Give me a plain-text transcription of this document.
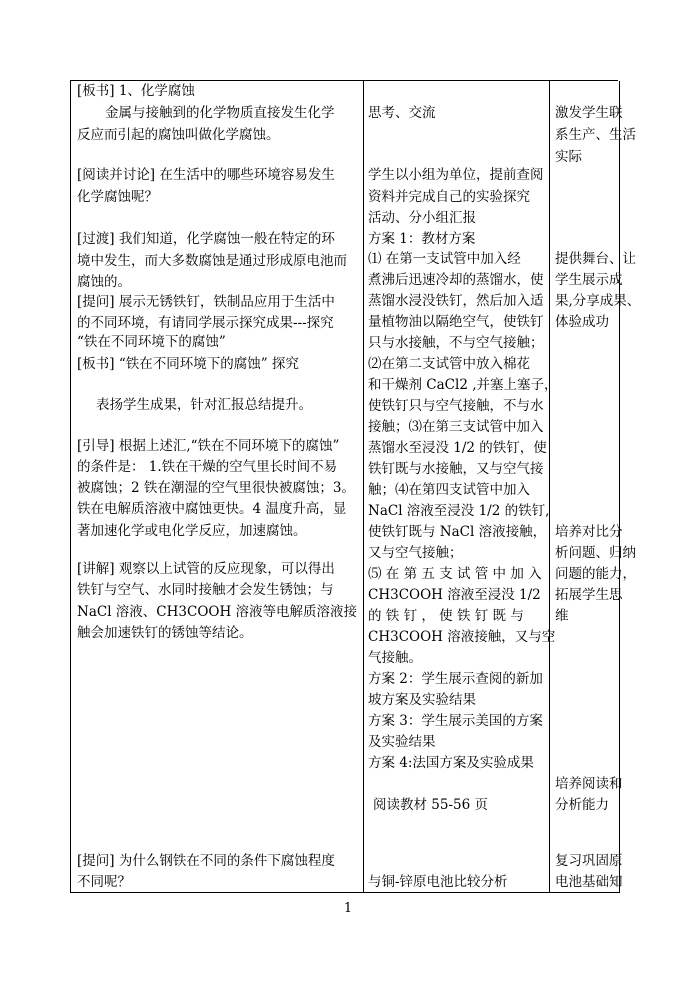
[板书] 1、化学腐蚀
金属与接触到的化学物质直接发生化学
反应而引起的腐蚀叫做化学腐蚀。
[阅读并讨论] 在生活中的哪些环境容易发生
化学腐蚀呢？
[过渡] 我们知道，化学腐蚀一般在特定的环
境中发生，而大多数腐蚀是通过形成原电池而
腐蚀的。
[提问] 展示无锈铁钉，铁制品应用于生活中
的不同环境，有请同学展示探究成果---探究
“铁在不同环境下的腐蚀”
[板书] “铁在不同环境下的腐蚀” 探究
表扬学生成果，针对汇报总结提升。
[引导] 根据上述汇,“铁在不同环境下的腐蚀”
的条件是： 1.铁在干燥的空气里长时间不易
被腐蚀；2 铁在潮湿的空气里很快被腐蚀；3。
铁在电解质溶液中腐蚀更快。4 温度升高，显
著加速化学或电化学反应，加速腐蚀。
[讲解] 观察以上试管的反应现象，可以得出
铁钉与空气、水同时接触才会发生锈蚀；与
NaCl 溶液、CH3COOH 溶液等电解质溶液接
触会加速铁钉的锈蚀等结论。
[提问] 为什么钢铁在不同的条件下腐蚀程度
不同呢？
思考、交流
学生以小组为单位，提前查阅
资料并完成自己的实验探究
活动、分小组汇报
方案 1：教材方案
⑴ 在第一支试管中加入经
煮沸后迅速冷却的蒸馏水，使
蒸馏水浸没铁钉，然后加入适
量植物油以隔绝空气，使铁钉
只与水接触，不与空气接触；
⑵在第二支试管中放入棉花
和干燥剂 CaCl2 ,并塞上塞子，
使铁钉只与空气接触，不与水
接触；⑶在第三支试管中加入
蒸馏水至浸没 1/2 的铁钉，使
铁钉既与水接触，又与空气接
触；⑷在第四支试管中加入
NaCl 溶液至浸没 1/2 的铁钉,
使铁钉既与 NaCl 溶液接触，
又与空气接触；
⑸ 在 第 五 支 试 管 中 加 入
CH3COOH 溶液至浸没 1/2
的 铁 钉 ， 使 铁 钉 既 与
CH3COOH 溶液接触，又与空
气接触。
方案 2：学生展示查阅的新加
坡方案及实验结果
方案 3：学生展示美国的方案
及实验结果
方案 4:法国方案及实验成果
阅读教材 55-56 页
与铜-锌原电池比较分析
激发学生联
系生产、生活
实际
提供舞台、让
学生展示成
果,分享成果、
体验成功
培养对比分
析问题、归纳
问题的能力，
拓展学生思
维
培养阅读和
分析能力
复习巩固原
电池基础知
1
